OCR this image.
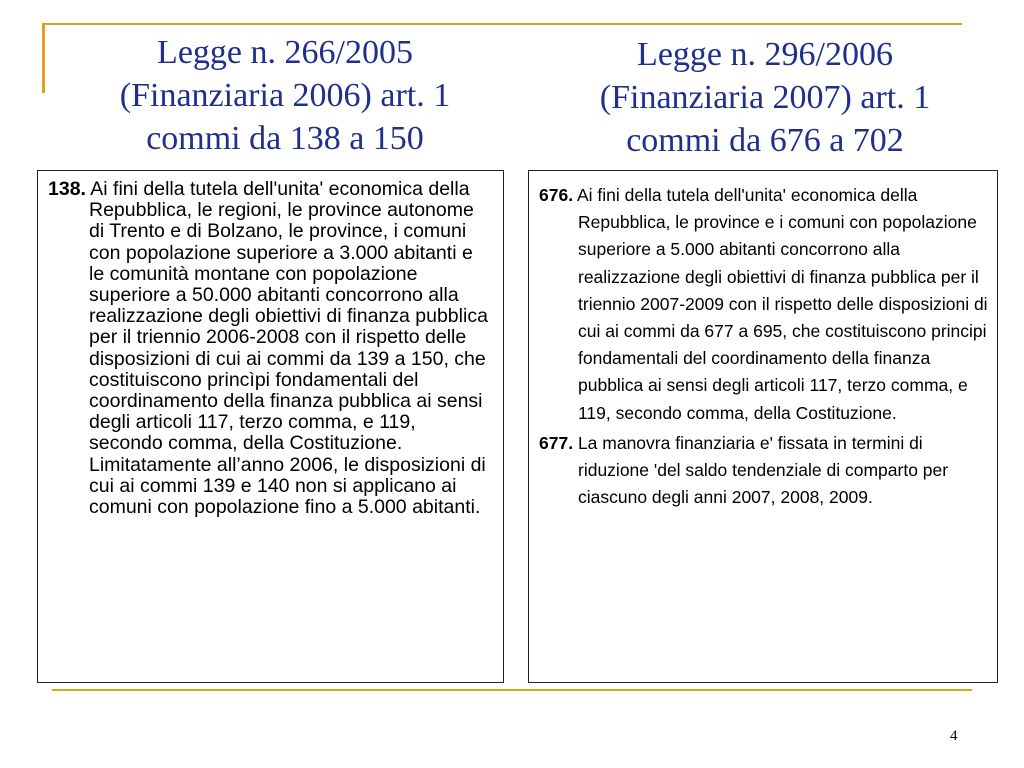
Legge n. 266/2005
(Finanziaria 2006) art. 1
commi da 138 a 150
Legge n. 296/2006
(Finanziaria 2007) art. 1
commi da 676 a 702
138. Ai fini della tutela dell'unita' economica della Repubblica, le regioni, le province autonome di Trento e di Bolzano, le province, i comuni con popolazione superiore a 3.000 abitanti e le comunità montane con popolazione superiore a 50.000 abitanti concorrono alla realizzazione degli obiettivi di finanza pubblica per il triennio 2006-2008 con il rispetto delle disposizioni di cui ai commi da 139 a 150, che costituiscono princìpi fondamentali del coordinamento della finanza pubblica ai sensi degli articoli 117, terzo comma, e 119, secondo comma, della Costituzione. Limitatamente all’anno 2006, le disposizioni di cui ai commi 139 e 140 non si applicano ai comuni con popolazione fino a 5.000 abitanti.
676. Ai fini della tutela dell'unita' economica della Repubblica, le province e i comuni con popolazione superiore a 5.000 abitanti concorrono alla realizzazione degli obiettivi di finanza pubblica per il triennio 2007-2009 con il rispetto delle disposizioni di cui ai commi da 677 a 695, che costituiscono principi fondamentali del coordinamento della finanza pubblica ai sensi degli articoli 117, terzo comma, e 119, secondo comma, della Costituzione.
677. La manovra finanziaria e' fissata in termini di riduzione 'del saldo tendenziale di comparto per ciascuno degli anni 2007, 2008, 2009.
4
